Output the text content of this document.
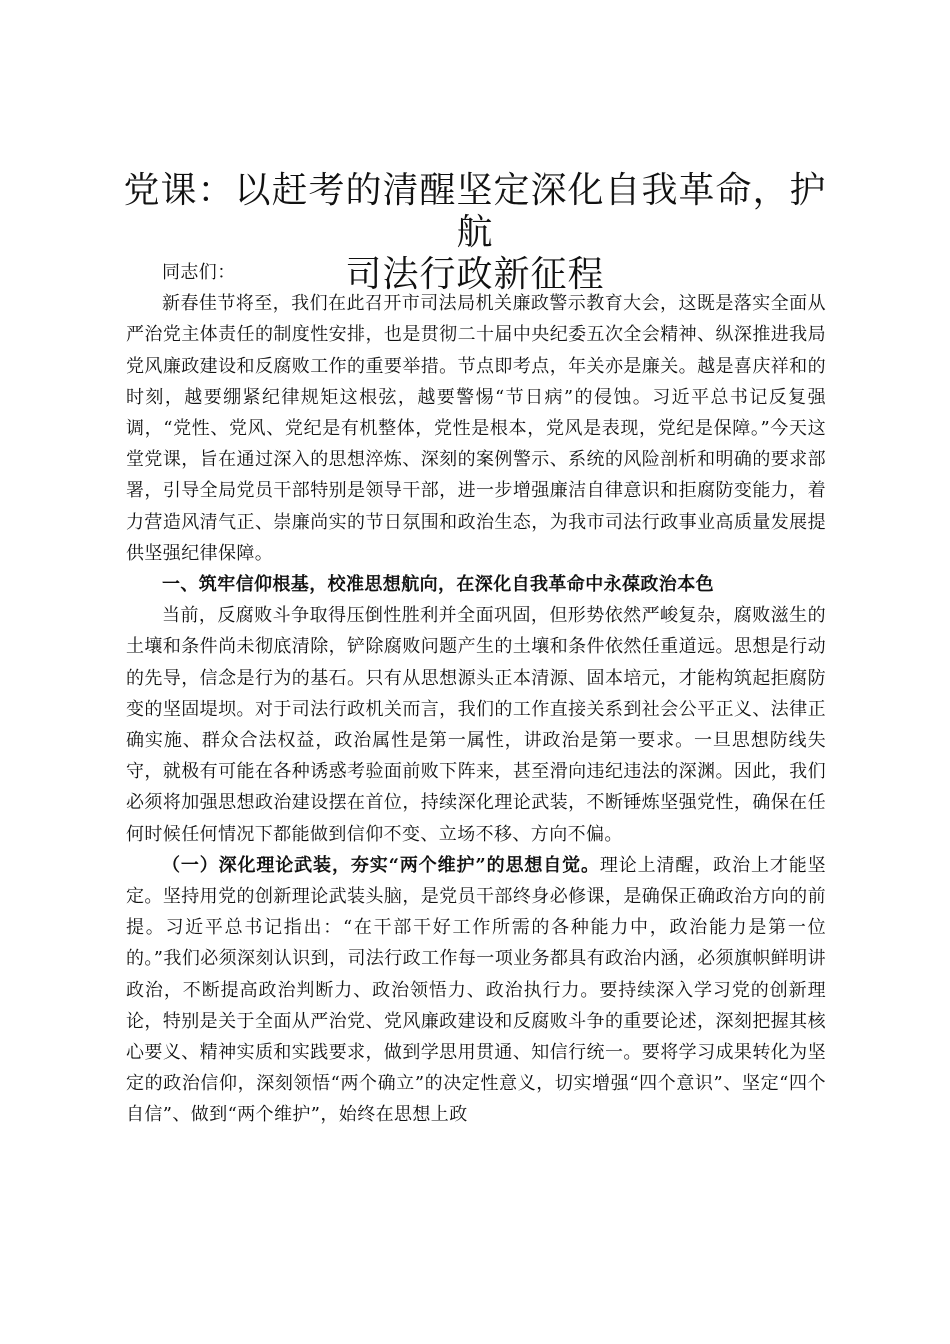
党课：以赶考的清醒坚定深化自我革命，护航
司法行政新征程

同志们：

新春佳节将至，我们在此召开市司法局机关廉政警示教育大会，这既是落实全面从严治党主体责任的制度性安排，也是贯彻二十届中央纪委五次全会精神、纵深推进我局党风廉政建设和反腐败工作的重要举措。节点即考点，年关亦是廉关。越是喜庆祥和的时刻，越要绷紧纪律规矩这根弦，越要警惕“节日病”的侵蚀。习近平总书记反复强调，“党性、党风、党纪是有机整体，党性是根本，党风是表现，党纪是保障。”今天这堂党课，旨在通过深入的思想淬炼、深刻的案例警示、系统的风险剖析和明确的要求部署，引导全局党员干部特别是领导干部，进一步增强廉洁自律意识和拒腐防变能力，着力营造风清气正、崇廉尚实的节日氛围和政治生态，为我市司法行政事业高质量发展提供坚强纪律保障。

一、筑牢信仰根基，校准思想航向，在深化自我革命中永葆政治本色

当前，反腐败斗争取得压倒性胜利并全面巩固，但形势依然严峻复杂，腐败滋生的土壤和条件尚未彻底清除，铲除腐败问题产生的土壤和条件依然任重道远。思想是行动的先导，信念是行为的基石。只有从思想源头正本清源、固本培元，才能构筑起拒腐防变的坚固堤坝。对于司法行政机关而言，我们的工作直接关系到社会公平正义、法律正确实施、群众合法权益，政治属性是第一属性，讲政治是第一要求。一旦思想防线失守，就极有可能在各种诱惑考验面前败下阵来，甚至滑向违纪违法的深渊。因此，我们必须将加强思想政治建设摆在首位，持续深化理论武装，不断锤炼坚强党性，确保在任何时候任何情况下都能做到信仰不变、立场不移、方向不偏。

（一）深化理论武装，夯实“两个维护”的思想自觉。理论上清醒，政治上才能坚定。坚持用党的创新理论武装头脑，是党员干部终身必修课，是确保正确政治方向的前提。习近平总书记指出：“在干部干好工作所需的各种能力中，政治能力是第一位的。”我们必须深刻认识到，司法行政工作每一项业务都具有政治内涵，必须旗帜鲜明讲政治，不断提高政治判断力、政治领悟力、政治执行力。要持续深入学习党的创新理论，特别是关于全面从严治党、党风廉政建设和反腐败斗争的重要论述，深刻把握其核心要义、精神实质和实践要求，做到学思用贯通、知信行统一。要将学习成果转化为坚定的政治信仰，深刻领悟“两个确立”的决定性意义，切实增强“四个意识”、坚定“四个自信”、做到“两个维护”，始终在思想上政
